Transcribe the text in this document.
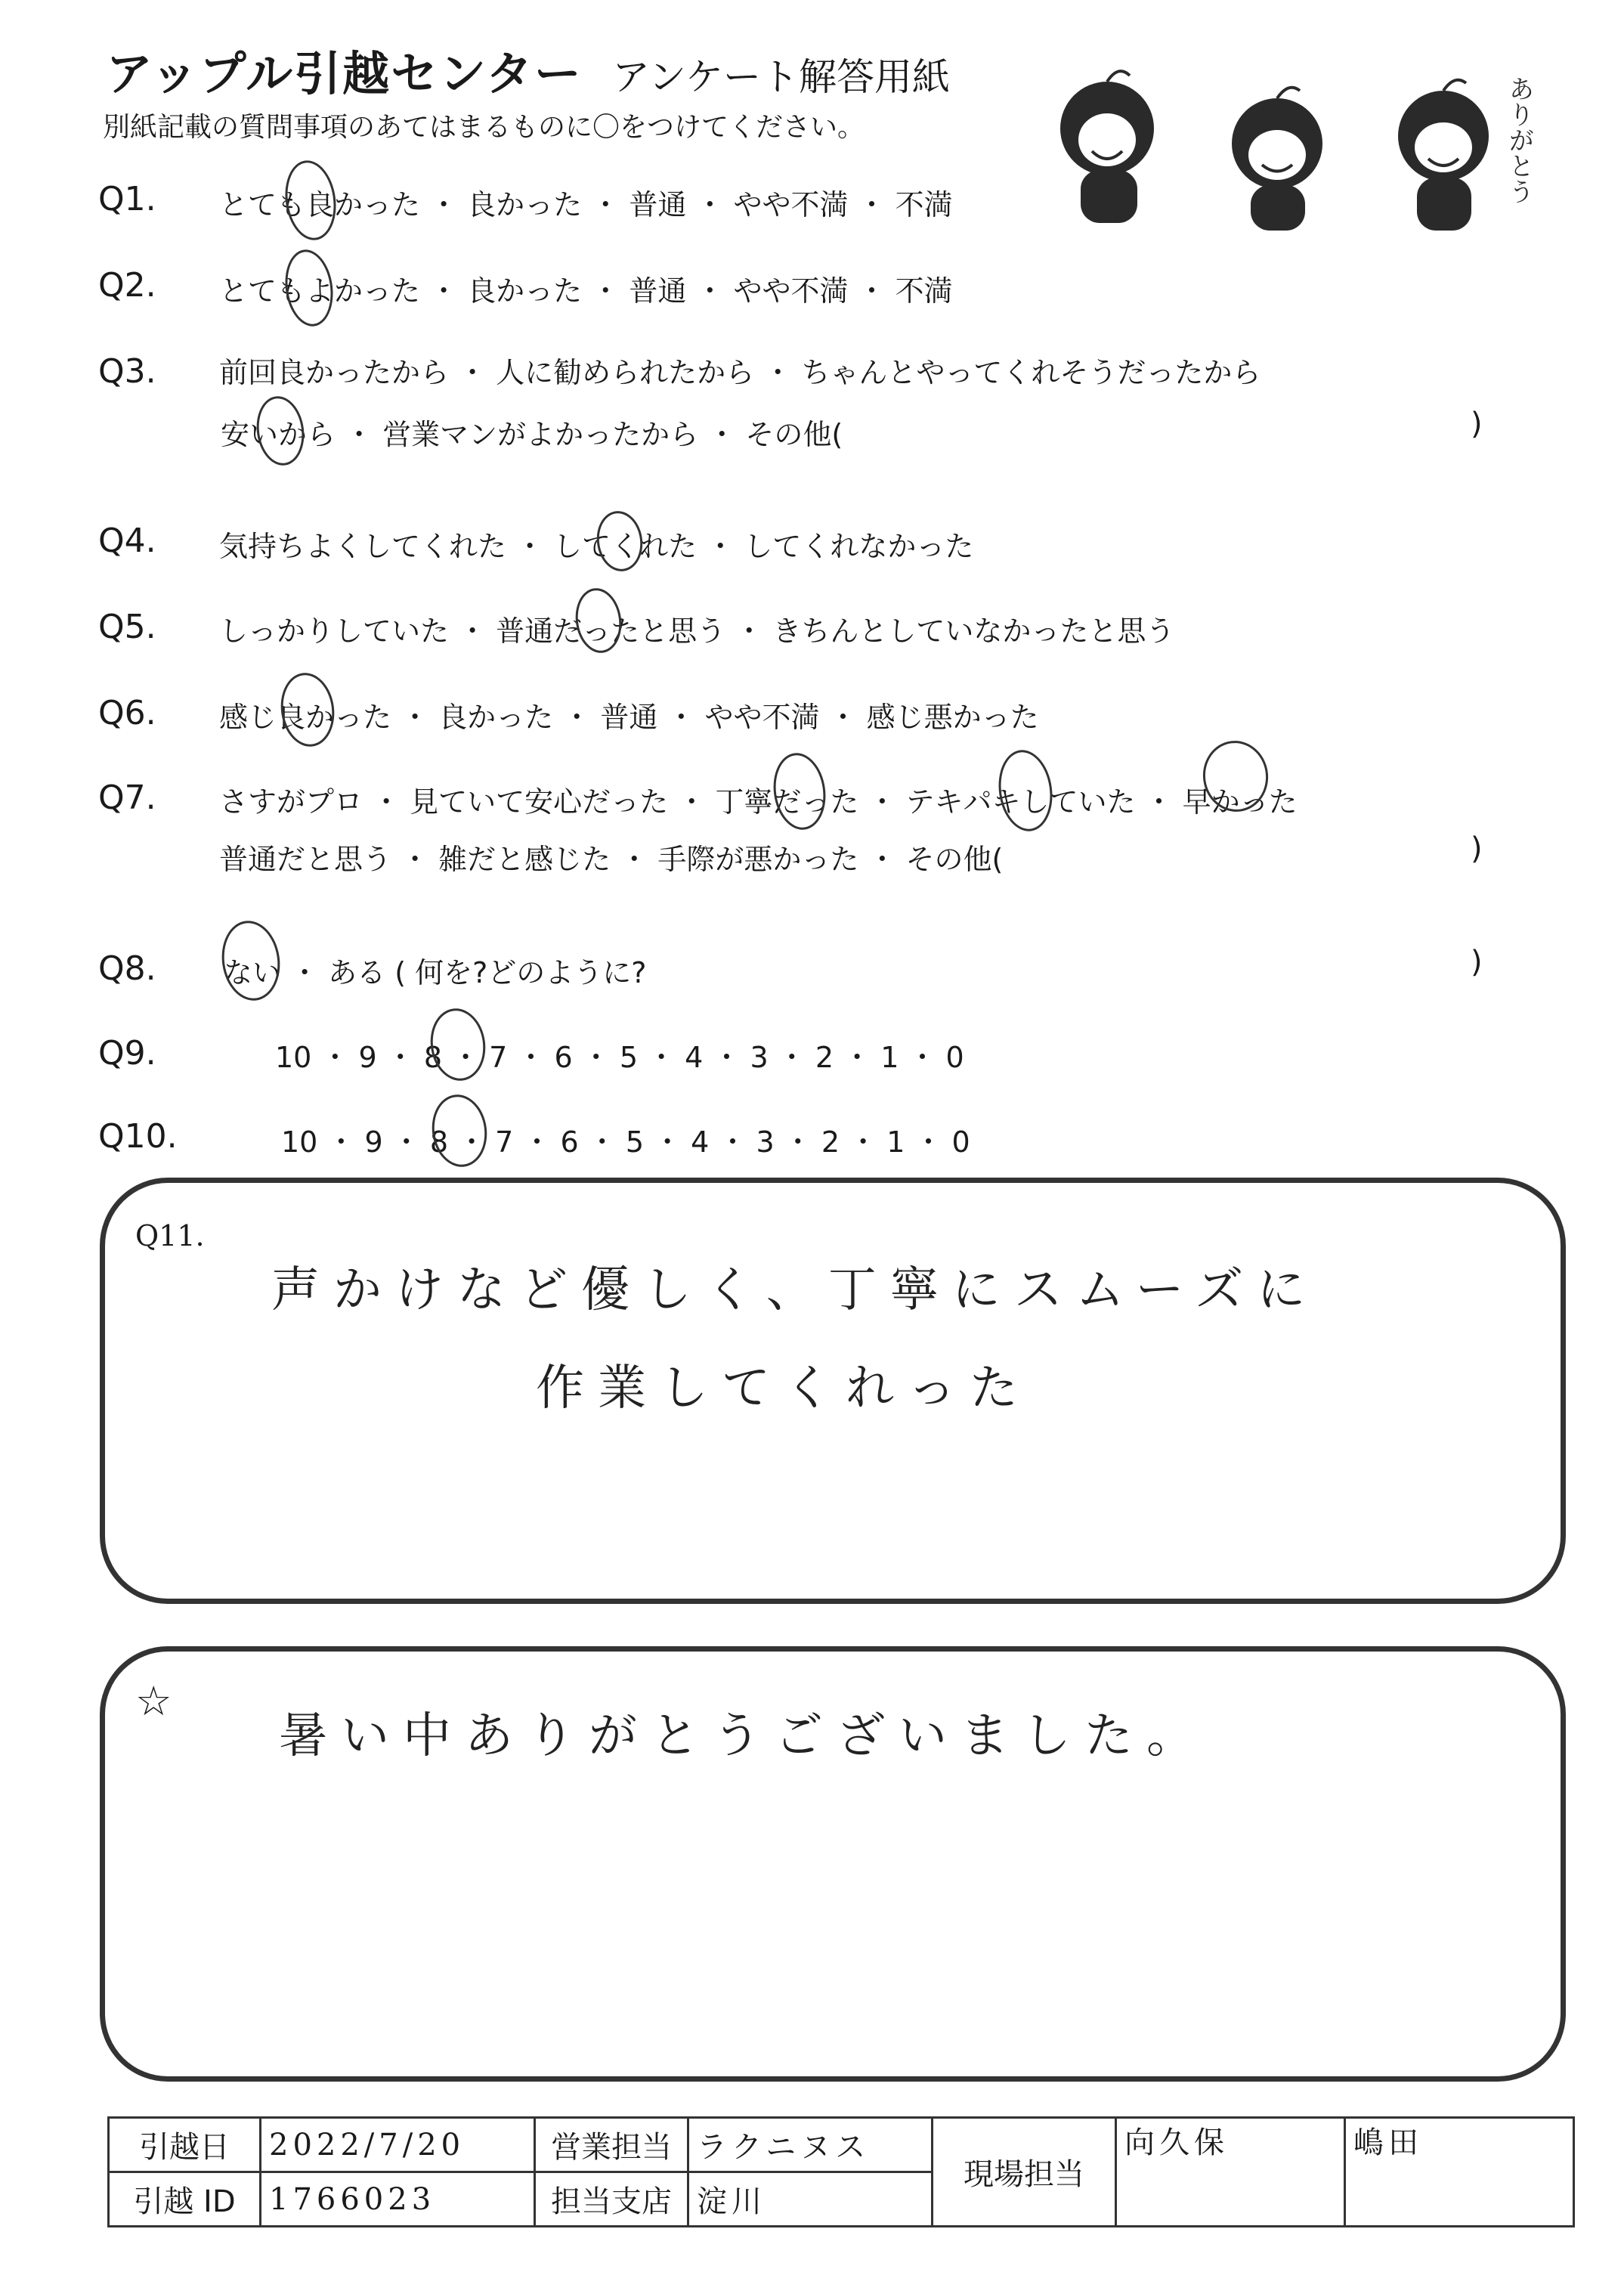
アップル引越センター アンケート解答用紙
別紙記載の質問事項のあてはまるものに〇をつけてください。	ありがとう
Q1. とても良かった ・ 良かった ・ 普通 ・ やや不満 ・ 不満
Q2. とてもよかった ・ 良かった ・ 普通 ・ やや不満 ・ 不満
Q3. 前回良かったから ・ 人に勧められたから ・ ちゃんとやってくれそうだったから
安いから ・ 営業マンがよかったから ・ その他(	)
Q4. 気持ちよくしてくれた ・ してくれた ・ してくれなかった
Q5. しっかりしていた ・ 普通だったと思う ・ きちんとしていなかったと思う
Q6. 感じ良かった ・ 良かった ・ 普通 ・ やや不満 ・ 感じ悪かった
Q7. さすがプロ ・ 見ていて安心だった ・ 丁寧だった ・ テキパキしていた ・ 早かった
普通だと思う ・ 雑だと感じた ・ 手際が悪かった ・ その他(	)
Q8. ない ・ ある ( 何を?どのように?	)
Q9.	10 ・ 9 ・ 8 ・ 7 ・ 6 ・ 5 ・ 4 ・ 3 ・ 2 ・ 1 ・ 0
Q10.	10 ・ 9 ・ 8 ・ 7 ・ 6 ・ 5 ・ 4 ・ 3 ・ 2 ・ 1 ・ 0
Q11.
声かけなど優しく、丁寧にスムーズに
作業してくれった
☆
暑い中ありがとうございました。
引越日	2022/7/20	営業担当	ラクニヌス	現場担当	向久保	嶋田
引越 ID	1766023	担当支店	淀川			
